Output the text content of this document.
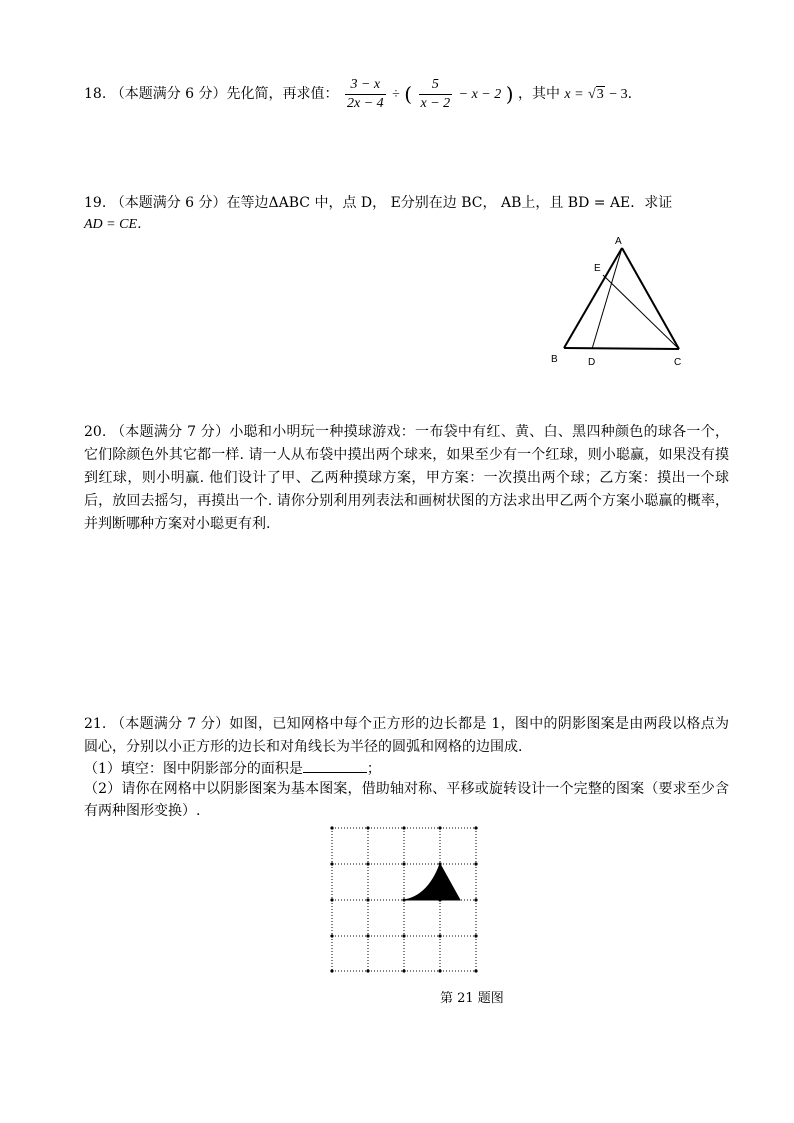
18. （本题满分 6 分）先化简，再求值： $\frac{3 - x}{2x - 4}$ ÷ ( $\frac{5}{x - 2} - x - 2$ ) ，其中 x = √3 − 3.
19. （本题满分 6 分）在等边ΔABC 中，点 D， E分别在边 BC， AB上，且 BD = AE．求证
AD = CE．
A
E
B	D	C
20. （本题满分 7 分）小聪和小明玩一种摸球游戏：一布袋中有红、黄、白、黑四种颜色的球各一个，它们除颜色外其它都一样. 请一人从布袋中摸出两个球来，如果至少有一个红球，则小聪赢，如果没有摸到红球，则小明赢. 他们设计了甲、乙两种摸球方案，甲方案：一次摸出两个球；乙方案：摸出一个球后，放回去摇匀，再摸出一个. 请你分别利用列表法和画树状图的方法求出甲乙两个方案小聪赢的概率，并判断哪种方案对小聪更有利.
21. （本题满分 7 分）如图，已知网格中每个正方形的边长都是 1，图中的阴影图案是由两段以格点为圆心，分别以小正方形的边长和对角线长为半径的圆弧和网格的边围成.
（1）填空：图中阴影部分的面积是	；
（2）请你在网格中以阴影图案为基本图案，借助轴对称、平移或旋转设计一个完整的图案（要求至少含有两种图形变换）.
第 21 题图
